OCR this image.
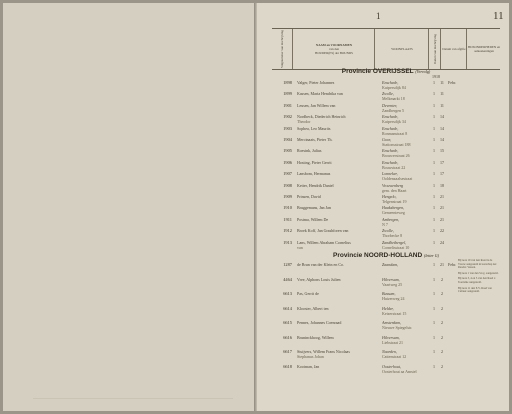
1	11
Volgnummer van inschrijving	NAAM en VOORNAMEN
van den
HOUDER(ES) der BOUNDS
WOONPLAATS	Datum van inschrijving Datum van afgifte BIJZONDERHEDEN en aanteekeningen
Provincie OVERIJSSEL (Vervolg)
1918
1898 Valger, Pieter Johannes	Enschede,
Kuipersdijk 84
1	11	Febr.
1899 Kassen, Maria Hendrika van	Zwolle,
Melkmarkt 18
1	11
1901 Leusen, Jan Willem van	Deventer,
Zandbergen 5
1	11
1902 Nordbeck, Diederich Heinrich
Theodor
Enschede,
Kuipersdijk 34
1	14
1903 Sophea, Leo Maurits	Enschede,
Ronmanstraat 8
1	14
1904 Mercinaats, Pieter Th.	Goor,
Stationsstraat 188
1	14
1905 Roesink, Julius	Enschede,
Brouwerstraat 26
1	15
1906 Hosting, Pieter Gerrit	Enschede,
Bouwstraat 22
1	17
1907 Lansbom, Hermanus	Lonneker,
Ooldenzaalsestraat
1	17
1908 Ketter, Hendrik Daniel	Vrouwenberg
gem. den Haart
1	18
1909 Prinsen, David	Hengelo,
Telgenstraat 19
1	21
1910 Bruggemans, Jan Jan	Haaksbergen,
Gemeenteweg
1	21
1911 Postma, Willem De	Ambergen,
N 7
1	21
1912 Broek Koff, Jan Grashforen van	Zwolle,
Thorbecke 8
1	22
1913 Lans, Willem Abraham Cornelius
van
Zandhetbergel,
Cornelisstraat 10
1	24
Provincie NOORD-HOLLAND (letter G)
1287 de Brun van der Klein en Co.	Zaandam,	1	21	Febr.
4464 Vree, Alphons Louis Julien	Hilversum,
Vaartweg 25
1	2
6613 Pas, Gerrit de	Bussum,
Huizerweg 24
1	2
6614 Klooster, Albert ten	Helder,
Keizerstraat 15
1	2
6615 Pennes, Johannes Coenraad	Amsterdam,
Nieuwe Spiegelstr.
1	2
6616 Bruninckhoog, Willem	Hilversum,
Liebstraat 21
1	2
6617 Stuijvers, Willem Frans Nicolaas
Stephanus Johan
Naarden,
Cattenstraat 12
1	2
6618 Kooiman, Jan	Oosterhout,
Oosterhout aa Amstel
1	2
Bij nota 19 van den Raad is de Vrouw aangesteld in leerschap der Raadsv. Vereen.
Bij nota 1 van den S.Lg. aangesteld.
Bij nota 3, 4 en 5 van den Raad v. Toerisme aangesteld.
Bij nota 11 den E.V. Raad van Cultuur aangesteld.
